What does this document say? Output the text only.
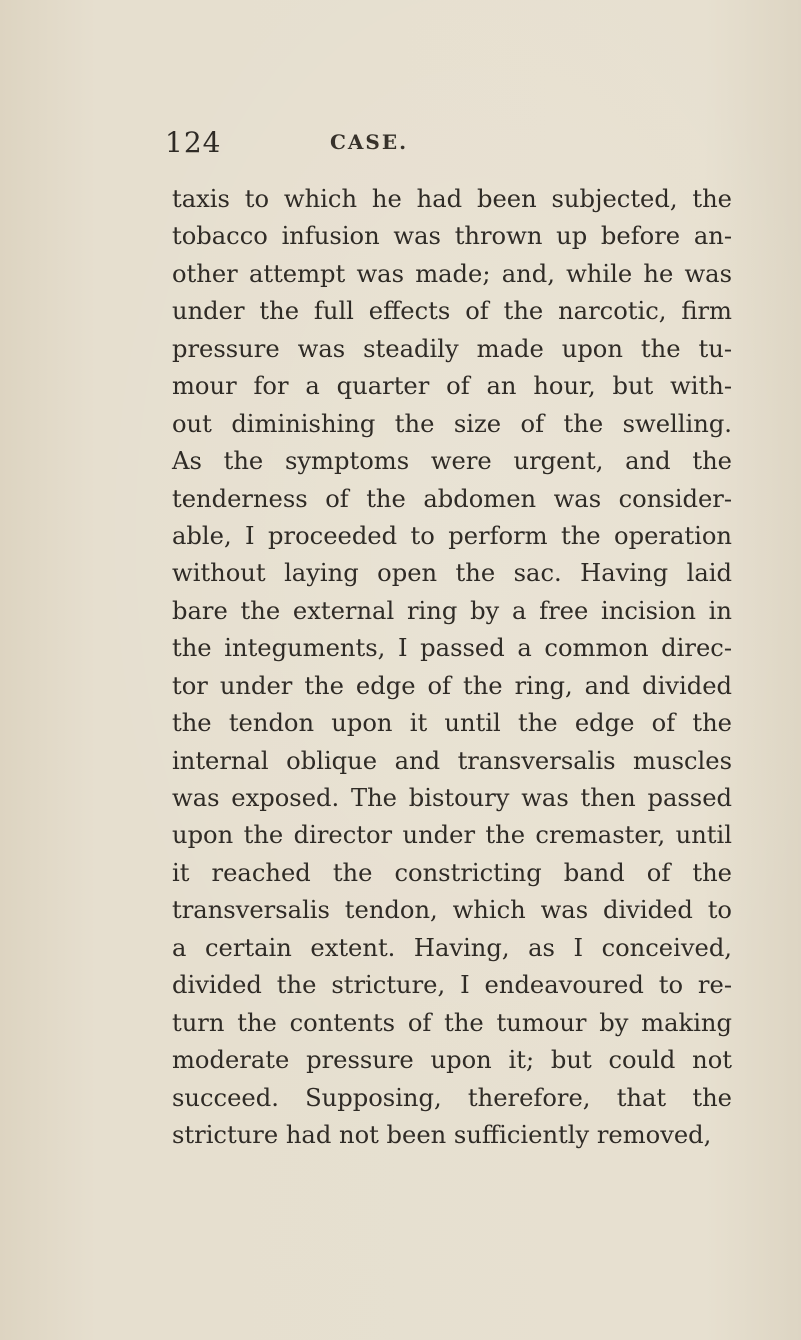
124	CASE.
taxis to which he had been subjected, the
tobacco infusion was thrown up before an-
other attempt was made; and, while he was
under the full effects of the narcotic, firm
pressure was steadily made upon the tu-
mour for a quarter of an hour, but with-
out diminishing the size of the swelling.
As the symptoms were urgent, and the
tenderness of the abdomen was consider-
able, I proceeded to perform the operation
without laying open the sac. Having laid
bare the external ring by a free incision in
the integuments, I passed a common direc-
tor under the edge of the ring, and divided
the tendon upon it until the edge of the
internal oblique and transversalis muscles
was exposed. The bistoury was then passed
upon the director under the cremaster, until
it reached the constricting band of the
transversalis tendon, which was divided to
a certain extent. Having, as I conceived,
divided the stricture, I endeavoured to re-
turn the contents of the tumour by making
moderate pressure upon it; but could not
succeed. Supposing, therefore, that the
stricture had not been sufficiently removed,
